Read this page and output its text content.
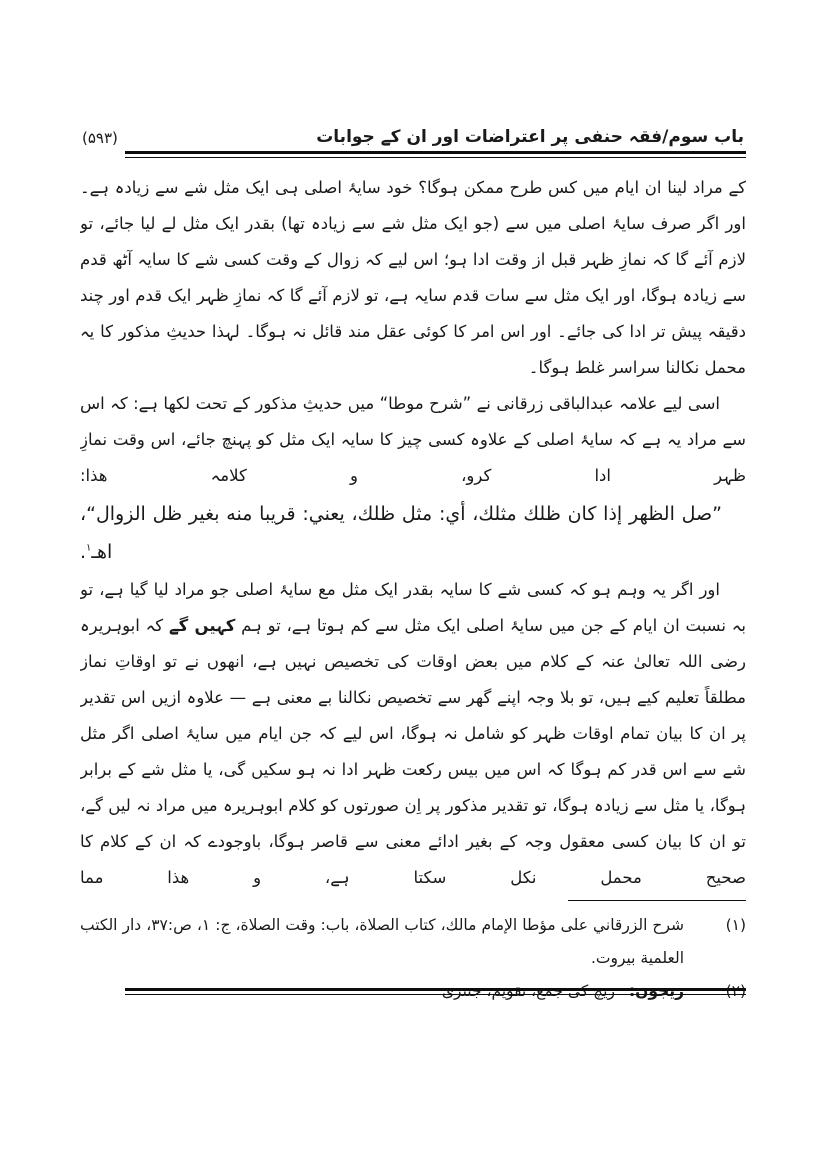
باب سوم/فقہ حنفی پر اعتراضات اور ان کے جوابات
(۵۹۳)

کے مراد لینا ان ایام میں کس طرح ممکن ہوگا؟ خود سایۂ اصلی ہی ایک مثل شے سے زیادہ ہے۔ اور اگر صرف سایۂ اصلی میں سے (جو ایک مثل شے سے زیادہ تھا) بقدر ایک مثل لے لیا جائے، تو لازم آئے گا کہ نمازِ ظہر قبل از وقت ادا ہو؛ اس لیے کہ زوال کے وقت کسی شے کا سایہ آٹھ قدم سے زیادہ ہوگا، اور ایک مثل سے سات قدم سایہ ہے، تو لازم آئے گا کہ نمازِ ظہر ایک قدم اور چند دقیقہ پیش تر ادا کی جائے۔ اور اس امر کا کوئی عقل مند قائل نہ ہوگا۔ لہذا حدیثِ مذکور کا یہ محمل نکالنا سراسر غلط ہوگا۔

اسی لیے علامہ عبدالباقی زرقانی نے ”شرح موطا“ میں حدیثِ مذکور کے تحت لکھا ہے: کہ اس سے مراد یہ ہے کہ سایۂ اصلی کے علاوہ کسی چیز کا سایہ ایک مثل کو پہنچ جائے، اس وقت نمازِ ظہر ادا کرو، و کلامہ ھذا:

”صل الظهر إذا كان ظلك مثلك، أي: مثل ظلك، يعني: قريبا منه بغير ظل الزوال“، اهـ$^۱$.

اور اگر یہ وہم ہو کہ کسی شے کا سایہ بقدر ایک مثل مع سایۂ اصلی جو مراد لیا گیا ہے، تو بہ نسبت ان ایام کے جن میں سایۂ اصلی ایک مثل سے کم ہوتا ہے، تو ہم کہیں گے کہ ابوہریرہ رضی اللہ تعالیٰ عنہ کے کلام میں بعض اوقات کی تخصیص نہیں ہے، انھوں نے تو اوقاتِ نماز مطلقاً تعلیم کیے ہیں، تو بلا وجہ اپنے گھر سے تخصیص نکالنا بے معنی ہے — علاوہ ازیں اس تقدیر پر ان کا بیان تمام اوقات ظہر کو شامل نہ ہوگا، اس لیے کہ جن ایام میں سایۂ اصلی اگر مثل شے سے اس قدر کم ہوگا کہ اس میں بیس رکعت ظہر ادا نہ ہو سکیں گی، یا مثل شے کے برابر ہوگا، یا مثل سے زیادہ ہوگا، تو تقدیر مذکور پر اِن صورتوں کو کلام ابوہریرہ میں مراد نہ لیں گے، تو ان کا بیان کسی معقول وجہ کے بغیر ادائے معنی سے قاصر ہوگا، باوجودے کہ ان کے کلام کا صحیح محمل نکل سکتا ہے، و ھذا مما

(۱)
شرح الزرقاني على مؤطا الإمام مالك، كتاب الصلاة، باب: وقت الصلاة، ج: ۱، ص:۳۷، دار الكتب العلمية بيروت.
(۲)
زیجوں:زیچ کی جمع، تقویم، جنتری
